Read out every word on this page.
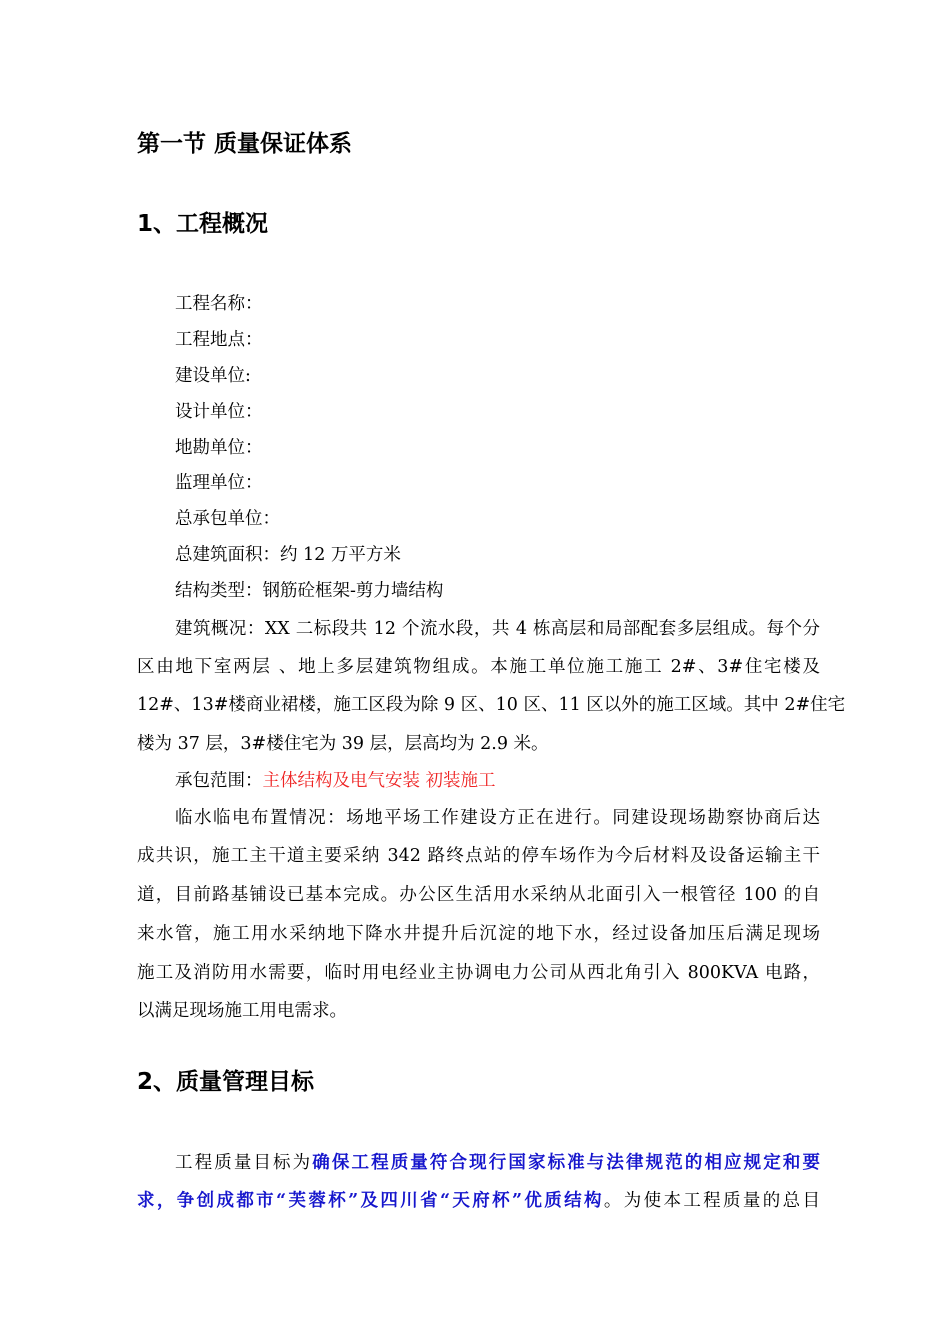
第一节 质量保证体系
1、工程概况

工程名称：

工程地点：

建设单位:

设计单位：

地勘单位：

监理单位：

总承包单位：

总建筑面积：约 12 万平方米

结构类型：钢筋砼框架-剪力墙结构

建筑概况：XX 二标段共 12 个流水段，共 4 栋高层和局部配套多层组成。每个分

区由地下室两层 、地上多层建筑物组成。本施工单位施工施工 2#、3#住宅楼及

12#、13#楼商业裙楼，施工区段为除 9 区、10 区、11 区以外的施工区域。其中 2#住宅

楼为 37 层，3#楼住宅为 39 层，层高均为 2.9 米。

承包范围：主体结构及电气安装 初装施工

临水临电布置情况：场地平场工作建设方正在进行。同建设现场勘察协商后达

成共识，施工主干道主要采纳 342 路终点站的停车场作为今后材料及设备运输主干

道，目前路基铺设已基本完成。办公区生活用水采纳从北面引入一根管径 100 的自

来水管，施工用水采纳地下降水井提升后沉淀的地下水，经过设备加压后满足现场

施工及消防用水需要，临时用电经业主协调电力公司从西北角引入 800KVA 电路，

以满足现场施工用电需求。

2、质量管理目标

工程质量目标为确保工程质量符合现行国家标准与法律规范的相应规定和要

求，争创成都市“芙蓉杯”及四川省“天府杯”优质结构。为使本工程质量的总目
